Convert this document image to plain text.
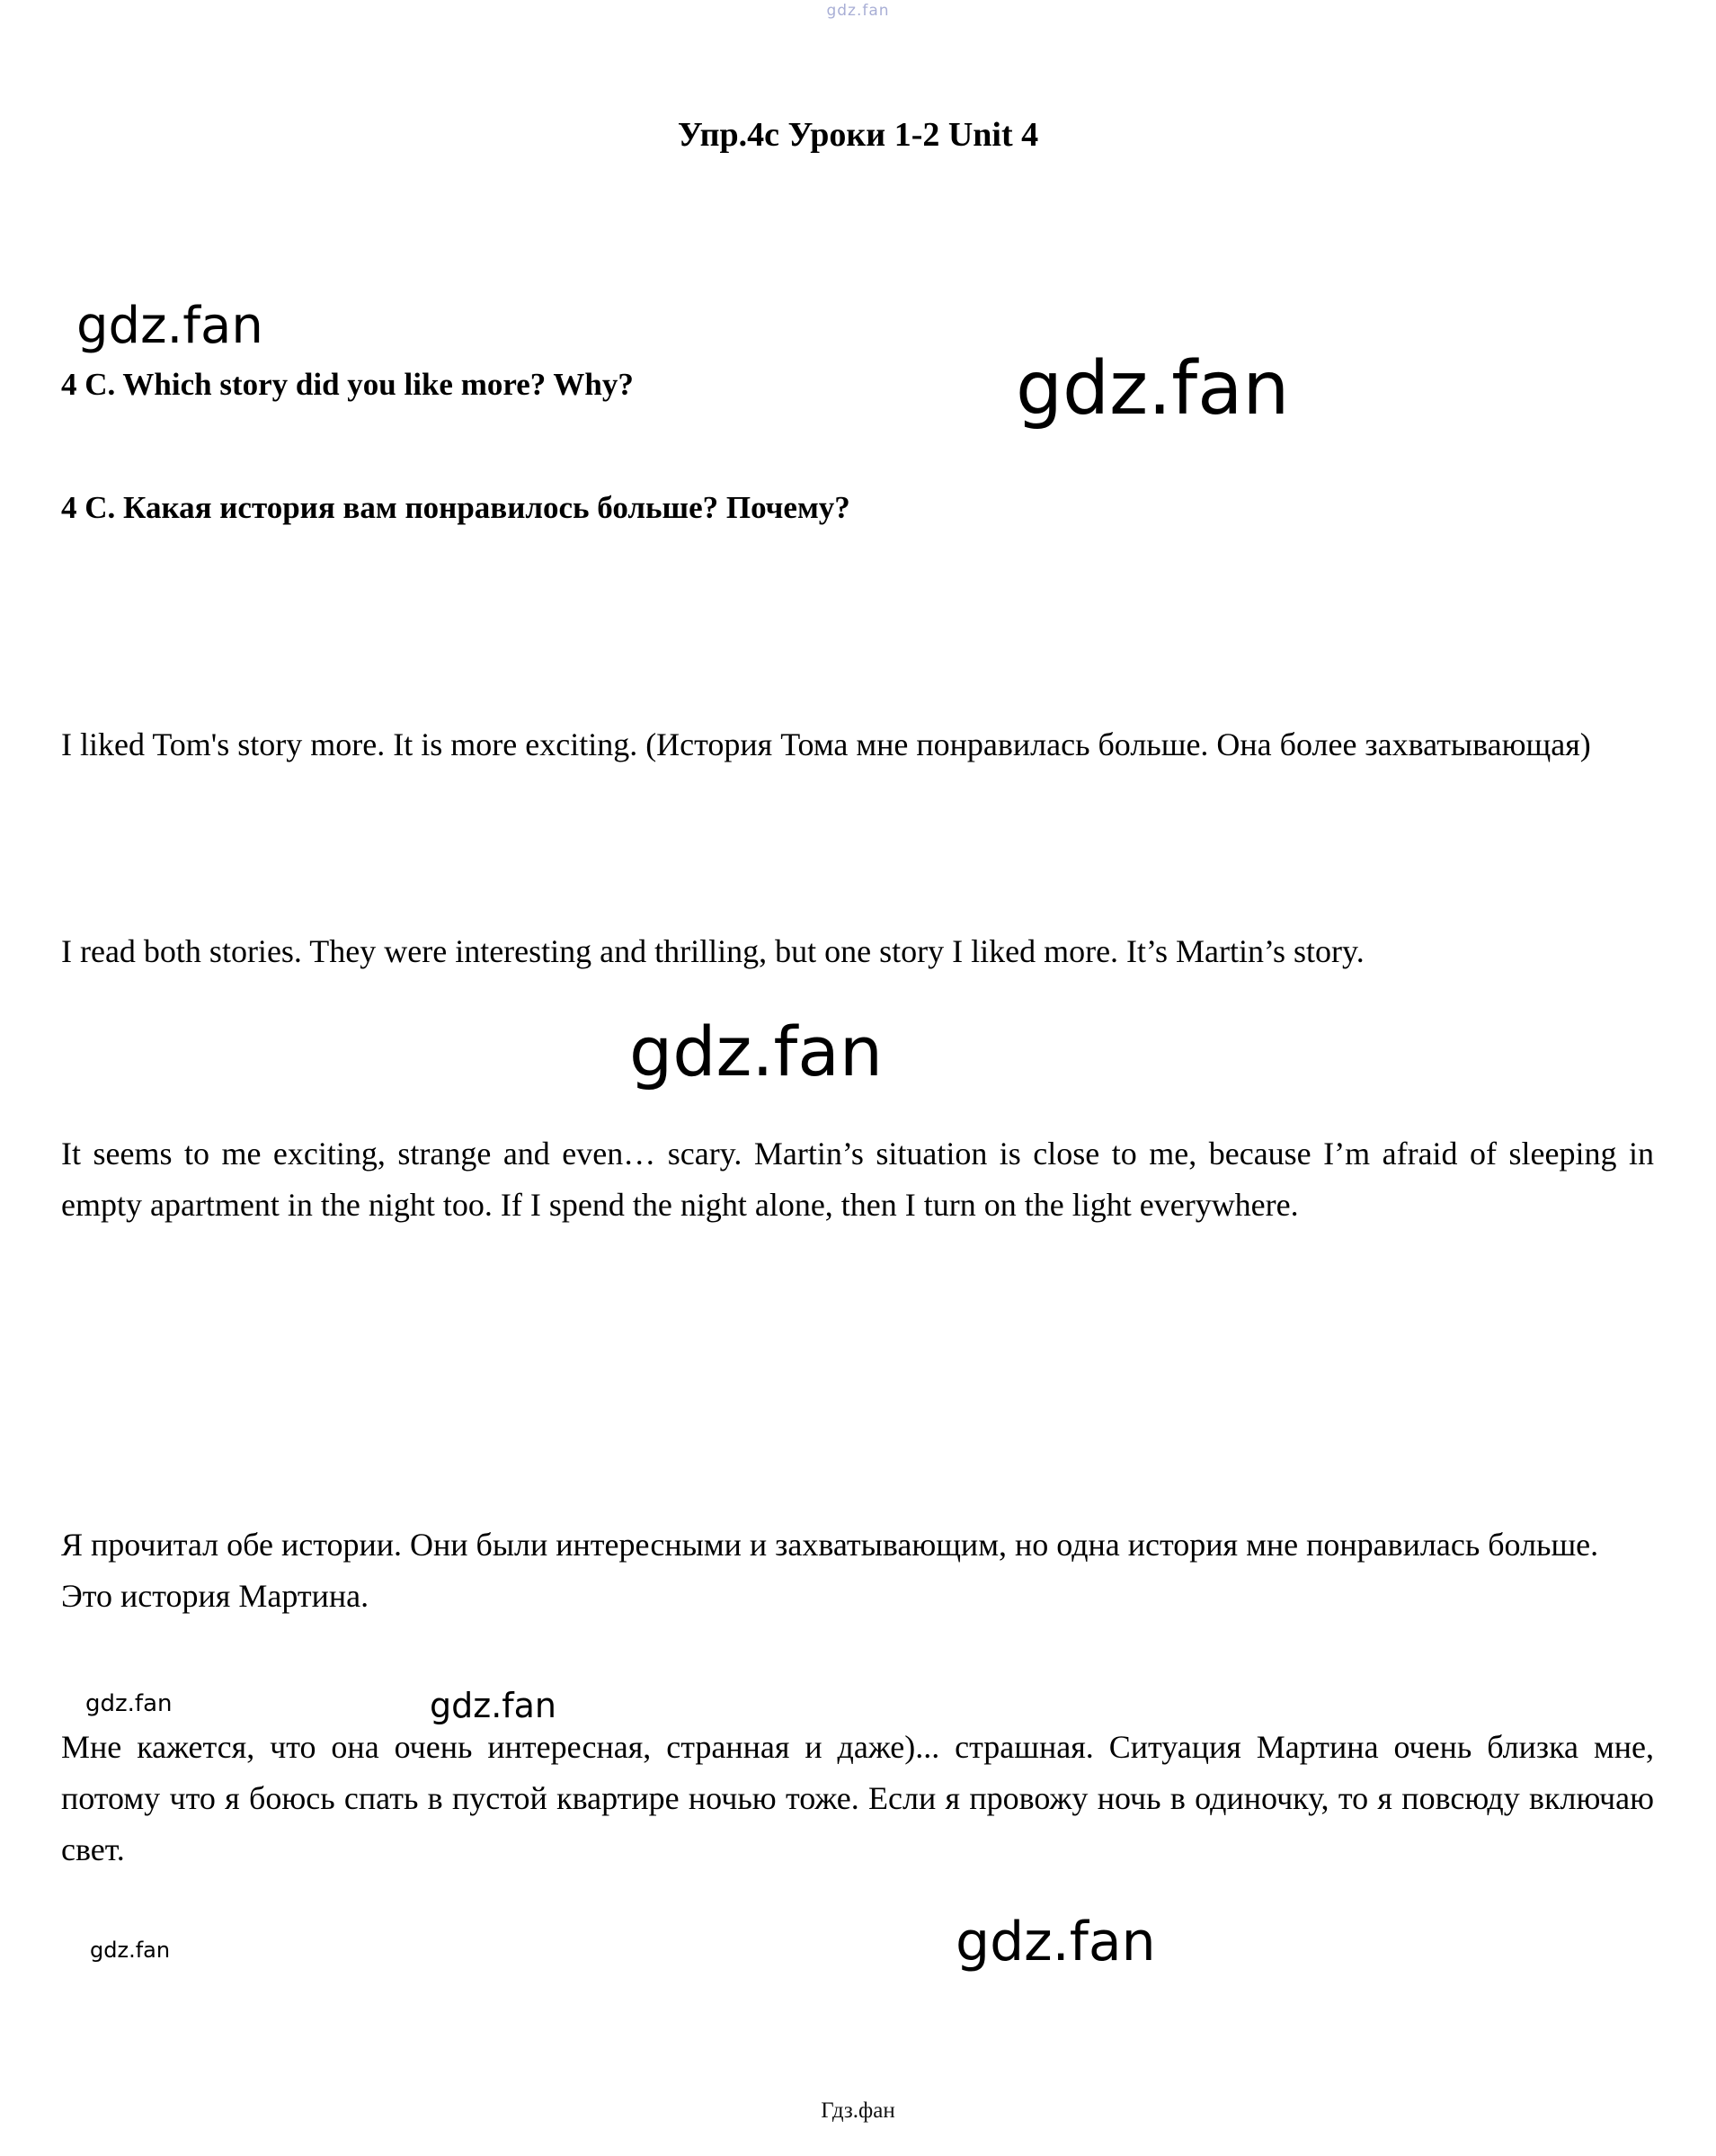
gdz.fan
Упр.4c Уроки 1-2 Unit 4
gdz.fan
gdz.fan
4 C. Which story did you like more? Why?
4 C. Какая история вам понравилось больше? Почему?
I liked Tom's story more. It is more exciting. (История Тома мне понравилась больше. Она более захватывающая)
I read both stories. They were interesting and thrilling, but one story I liked more. It’s Martin’s story.
gdz.fan
It seems to me exciting, strange and even… scary. Martin’s situation is close to me, because I’m afraid of sleeping in empty apartment in the night too. If I spend the night alone, then I turn on the light everywhere.
Я прочитал обе истории. Они были интересными и захватывающим, но одна история мне понравилась больше. Это история Мартина.
gdz.fan	gdz.fan
Мне кажется, что она очень интересная, странная и даже)... страшная. Ситуация Мартина очень близка мне, потому что я боюсь спать в пустой квартире ночью тоже. Если я провожу ночь в одиночку, то я повсюду включаю свет.
gdz.fan	gdz.fan
Гдз.фан
